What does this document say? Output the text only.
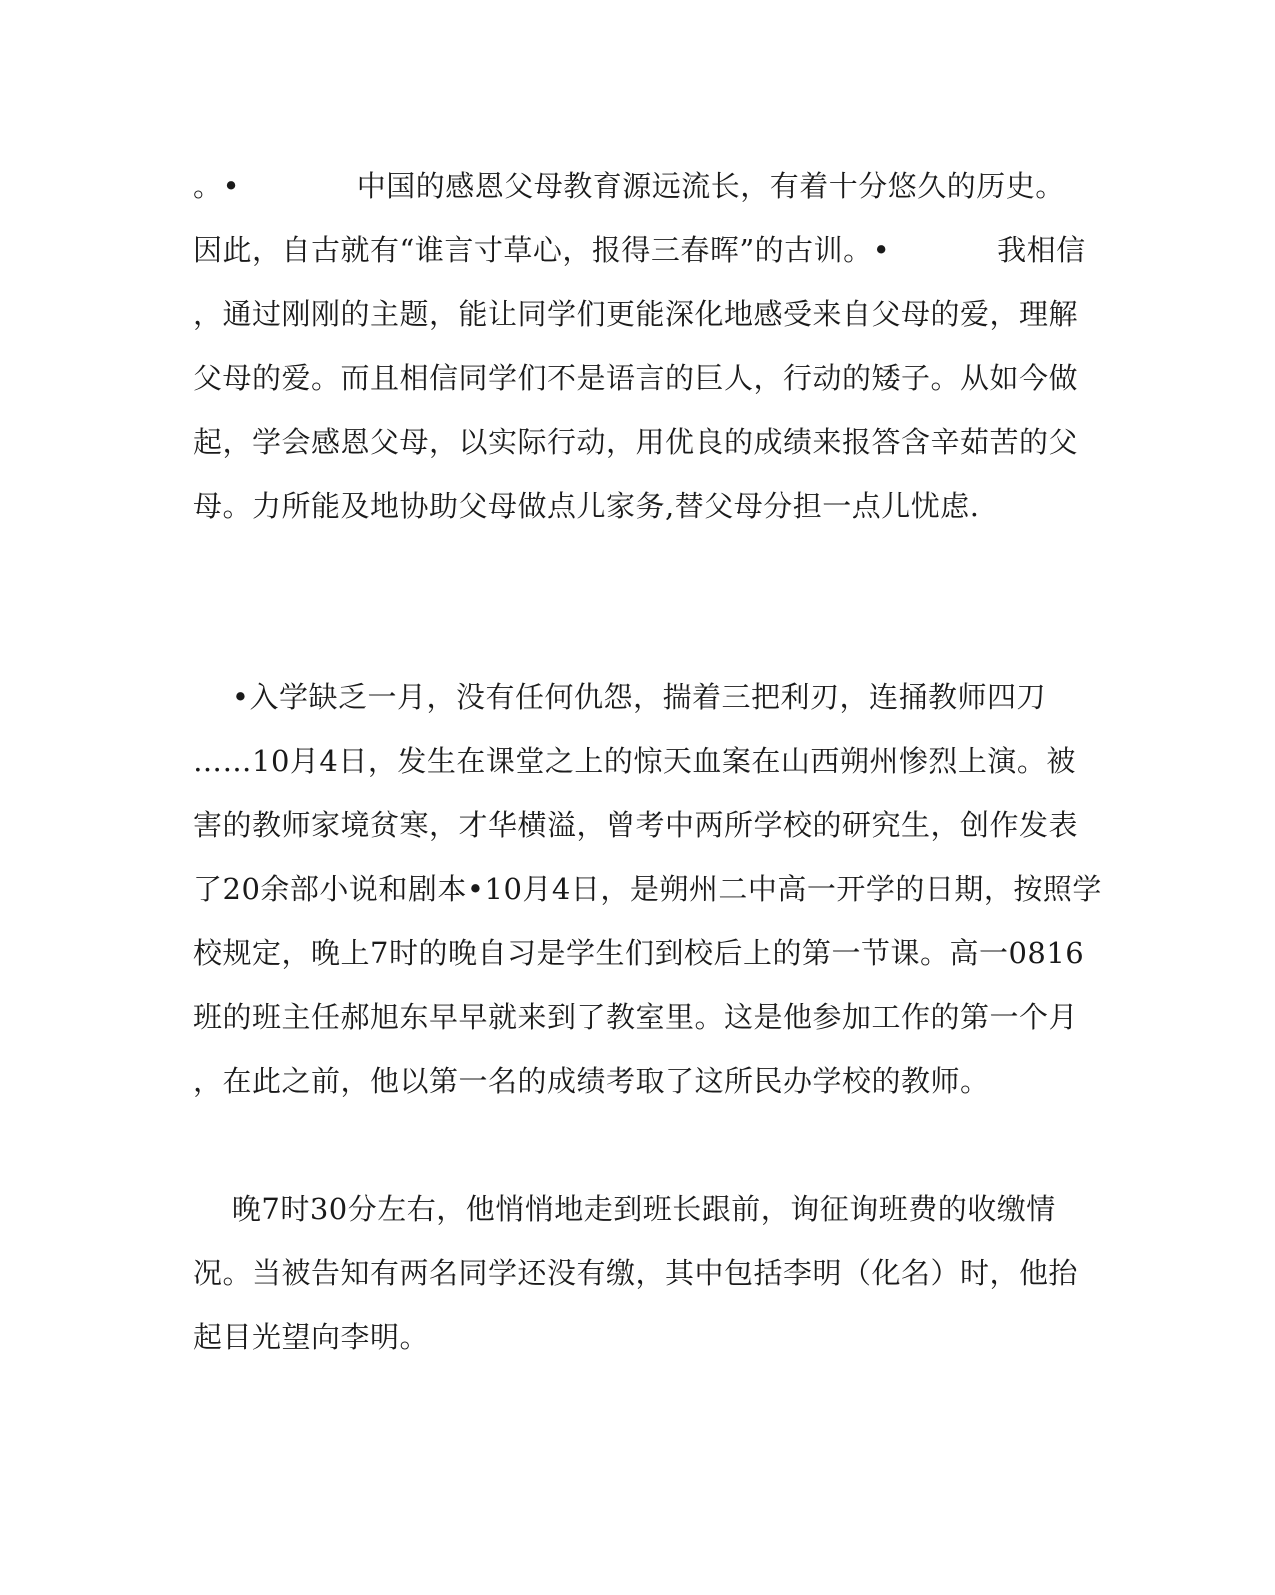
。•            中国的感恩父母教育源远流长，有着十分悠久的历史。
因此，自古就有“谁言寸草心，报得三春晖”的古训。•           我相信
，通过刚刚的主题，能让同学们更能深化地感受来自父母的爱，理解
父母的爱。而且相信同学们不是语言的巨人，行动的矮子。从如今做
起，学会感恩父母，以实际行动，用优良的成绩来报答含辛茹苦的父
母。力所能及地协助父母做点儿家务,替父母分担一点儿忧虑.
•入学缺乏一月，没有任何仇怨，揣着三把利刃，连捅教师四刀
……10月4日，发生在课堂之上的惊天血案在山西朔州惨烈上演。被
害的教师家境贫寒，才华横溢，曾考中两所学校的研究生，创作发表
了20余部小说和剧本•10月4日，是朔州二中高一开学的日期，按照学
校规定，晚上7时的晚自习是学生们到校后上的第一节课。高一0816
班的班主任郝旭东早早就来到了教室里。这是他参加工作的第一个月
，在此之前，他以第一名的成绩考取了这所民办学校的教师。
晚7时30分左右，他悄悄地走到班长跟前，询征询班费的收缴情
况。当被告知有两名同学还没有缴，其中包括李明（化名）时，他抬
起目光望向李明。
